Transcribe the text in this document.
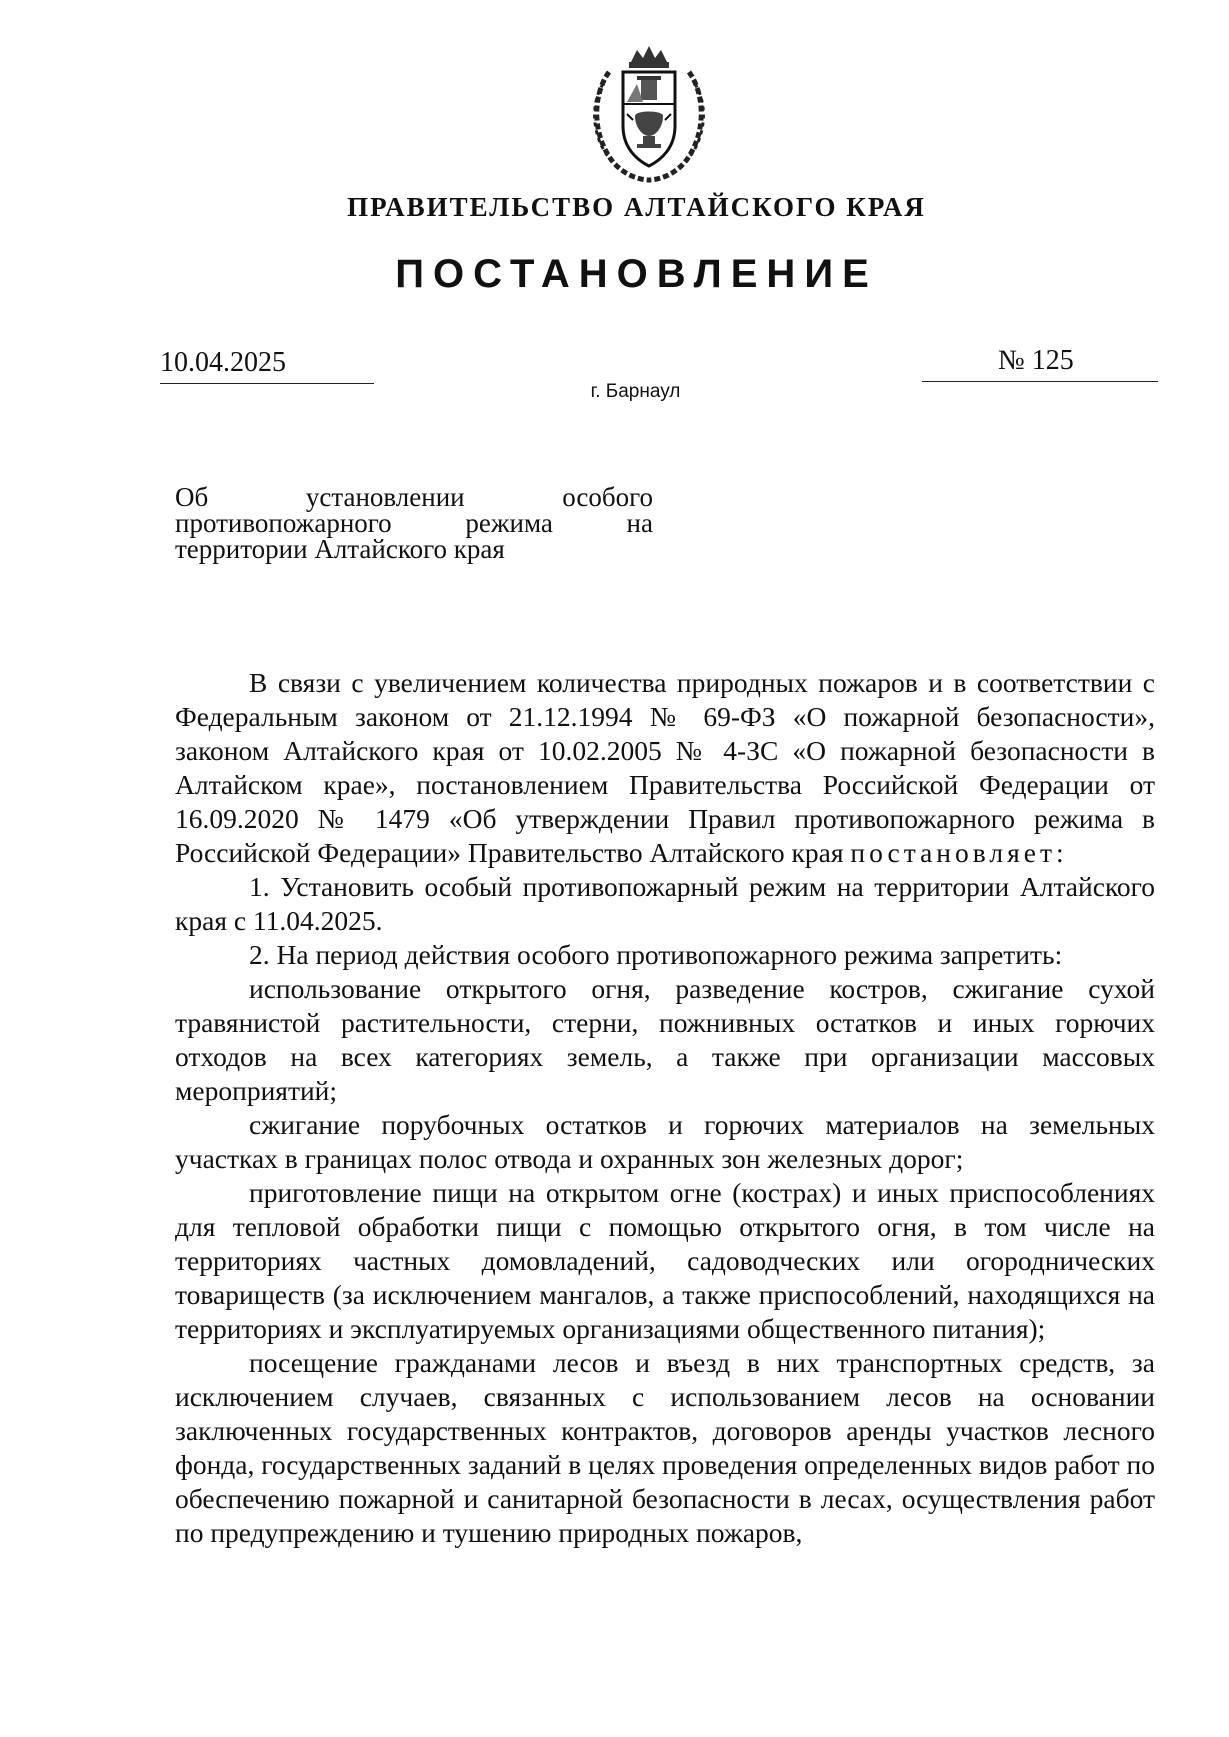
ПРАВИТЕЛЬСТВО АЛТАЙСКОГО КРАЯ
ПОСТАНОВЛЕНИЕ
10.04.2025	№ 125
г. Барнаул
Об	установлении	особого
противопожарного	режима	на
территории Алтайского края

В связи с увеличением количества природных пожаров и в соответствии с Федеральным законом от 21.12.1994 № 69-ФЗ «О пожарной безопасности», законом Алтайского края от 10.02.2005 № 4-ЗС «О пожарной безопасности в Алтайском крае», постановлением Правительства Российской Федерации от 16.09.2020 № 1479 «Об утверждении Правил противопожарного режима в Российской Федерации» Правительство Алтайского края постановляет:

1. Установить особый противопожарный режим на территории Алтайского края с 11.04.2025.

2. На период действия особого противопожарного режима запретить:

использование открытого огня, разведение костров, сжигание сухой травянистой растительности, стерни, пожнивных остатков и иных горючих отходов на всех категориях земель, а также при организации массовых мероприятий;

сжигание порубочных остатков и горючих материалов на земельных участках в границах полос отвода и охранных зон железных дорог;

приготовление пищи на открытом огне (кострах) и иных приспособлениях для тепловой обработки пищи с помощью открытого огня, в том числе на территориях частных домовладений, садоводческих или огороднических товариществ (за исключением мангалов, а также приспособлений, находящихся на территориях и эксплуатируемых организациями общественного питания);

посещение гражданами лесов и въезд в них транспортных средств, за исключением случаев, связанных с использованием лесов на основании заключенных государственных контрактов, договоров аренды участков лесного фонда, государственных заданий в целях проведения определенных видов работ по обеспечению пожарной и санитарной безопасности в лесах, осуществления работ по предупреждению и тушению природных пожаров,
